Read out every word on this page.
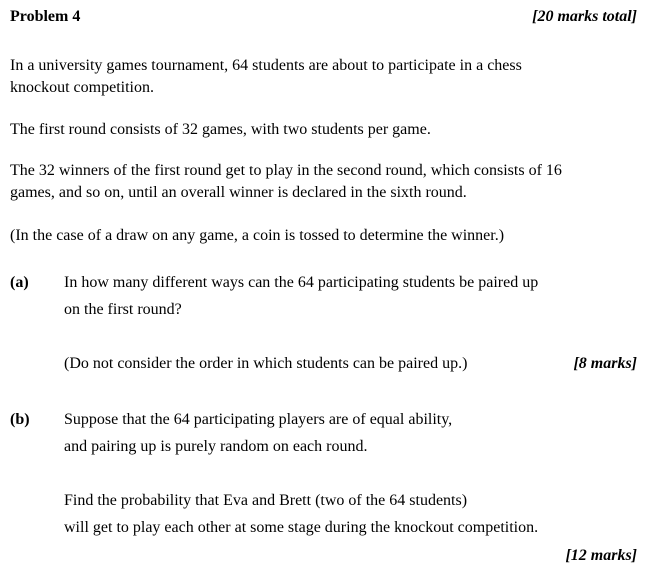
Problem 4	[20 marks total]
In a university games tournament, 64 students are about to participate in a chess
knockout competition.
The first round consists of 32 games, with two students per game.
The 32 winners of the first round get to play in the second round, which consists of 16
games, and so on, until an overall winner is declared in the sixth round.
(In the case of a draw on any game, a coin is tossed to determine the winner.)
(a) In how many different ways can the 64 participating students be paired up
on the first round?
(Do not consider the order in which students can be paired up.)	[8 marks]
(b) Suppose that the 64 participating players are of equal ability,
and pairing up is purely random on each round.
Find the probability that Eva and Brett (two of the 64 students)
will get to play each other at some stage during the knockout competition.
[12 marks]
